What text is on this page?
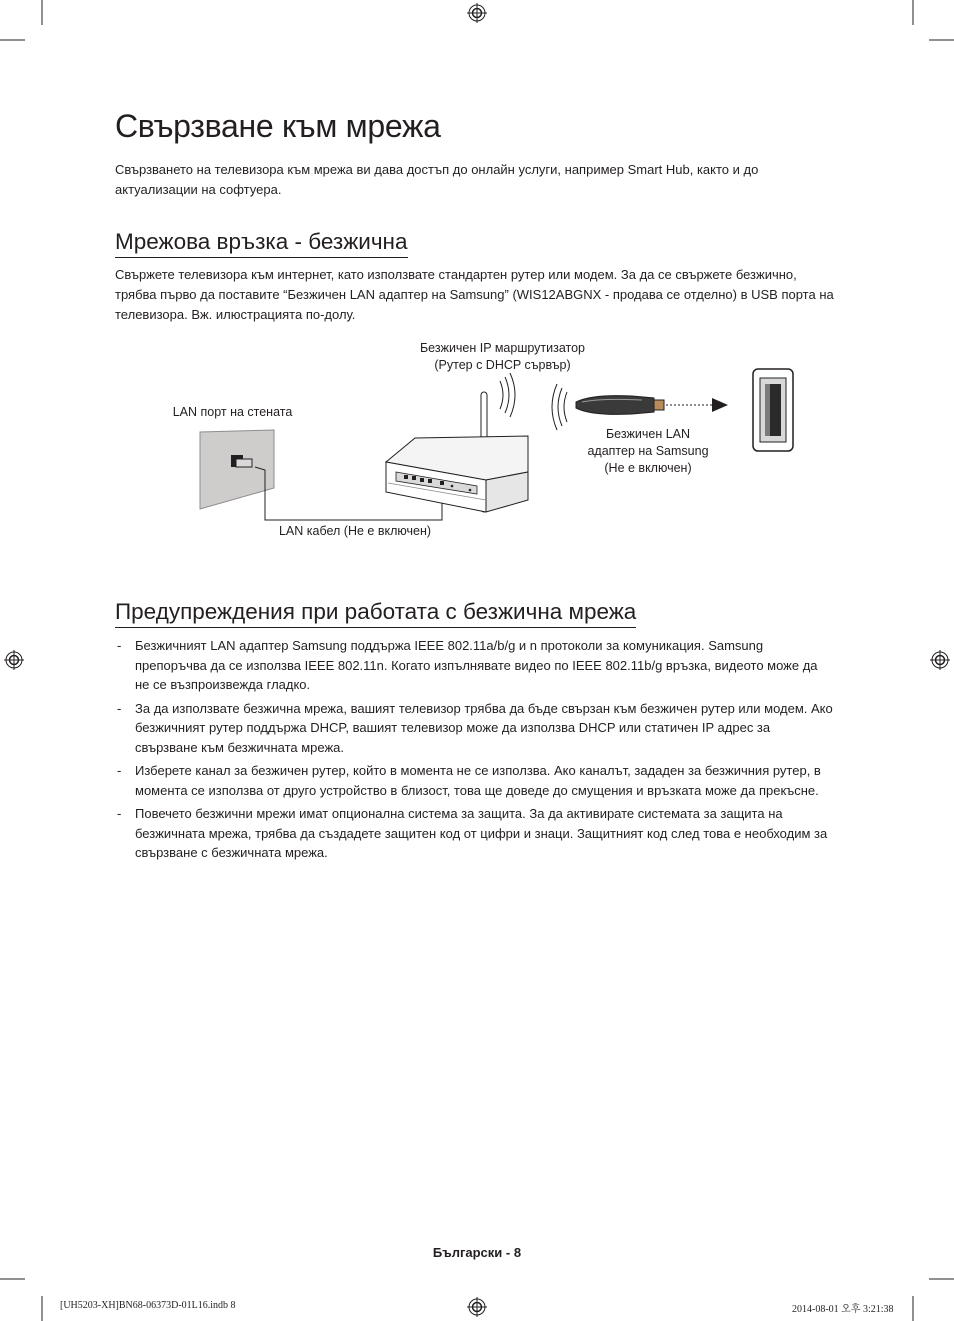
Свързване към мрежа

Свързването на телевизора към мрежа ви дава достъп до онлайн услуги, например Smart Hub, както и до актуализации на софтуера.

Мрежова връзка - безжична

Свържете телевизора към интернет, като използвате стандартен рутер или модем. За да се свържете безжично, трябва първо да поставите “Безжичен LAN адаптер на Samsung” (WIS12ABGNX - продава се отделно) в USB порта на телевизора. Вж. илюстрацията по-долу.

Безжичен IP маршрутизатор
(Рутер с DHCP сървър)
LAN порт на стената
Безжичен LAN
адаптер на Samsung
(Не е включен)
LAN кабел (Не е включен)
Предупреждения при работата с безжична мрежа
- Безжичният LAN адаптер Samsung поддържа IEEE 802.11a/b/g и n протоколи за комуникация. Samsung препоръчва да се използва IEEE 802.11n. Когато изпълнявате видео по IEEE 802.11b/g връзка, видеото може да не се възпроизвежда гладко.
- За да използвате безжична мрежа, вашият телевизор трябва да бъде свързан към безжичен рутер или модем. Ако безжичният рутер поддържа DHCP, вашият телевизор може да използва DHCP или статичен IP адрес за свързване към безжичната мрежа.
- Изберете канал за безжичен рутер, който в момента не се използва. Ако каналът, зададен за безжичния рутер, в момента се използва от друго устройство в близост, това ще доведе до смущения и връзката може да прекъсне.
- Повечето безжични мрежи имат опционална система за защита. За да активирате системата за защита на безжичната мрежа, трябва да създадете защитен код от цифри и знаци. Защитният код след това е необходим за свързване с безжичната мрежа.
Български - 8
[UH5203-XH]BN68-06373D-01L16.indb 8	2014-08-01 오후 3:21:38
